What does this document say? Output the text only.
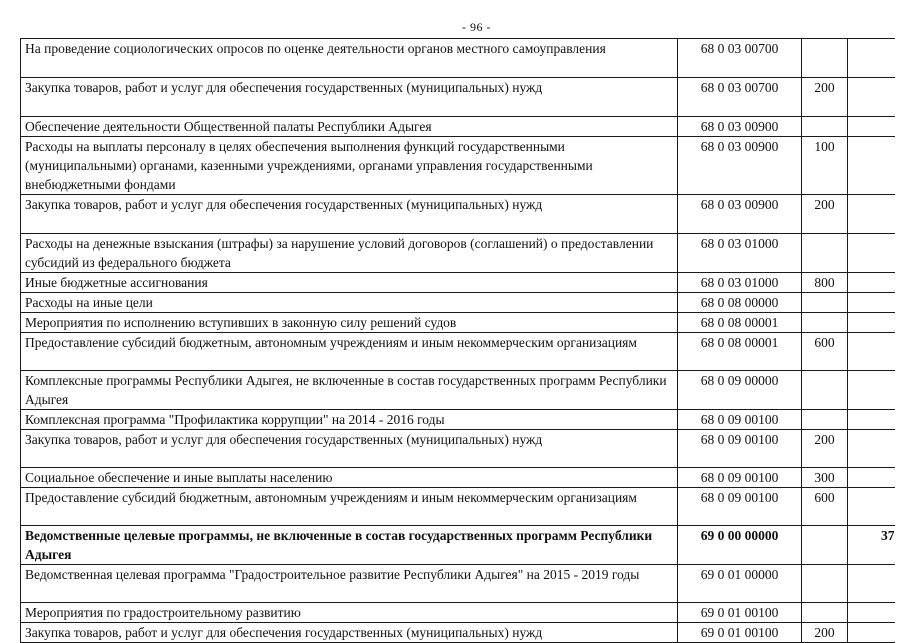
- 96 -
На проведение социологических опросов по оценке деятельности органов местного самоуправления	68 0 03 00700		
Закупка товаров, работ и услуг для обеспечения государственных (муниципальных) нужд	68 0 03 00700	200	
Обеспечение деятельности Общественной палаты Республики Адыгея	68 0 03 00900		
Расходы на выплаты персоналу в целях обеспечения выполнения функций государственными (муниципальными) органами, казенными учреждениями, органами управления государственными внебюджетными фондами	68 0 03 00900	100	
Закупка товаров, работ и услуг для обеспечения государственных (муниципальных) нужд	68 0 03 00900	200	
Расходы на денежные взыскания (штрафы) за нарушение условий договоров (соглашений) о предоставлении субсидий из федерального бюджета	68 0 03 01000		
Иные бюджетные ассигнования	68 0 03 01000	800	
Расходы на иные цели	68 0 08 00000		
Мероприятия по исполнению вступивших в законную силу решений судов	68 0 08 00001		
Предоставление субсидий бюджетным, автономным учреждениям и иным некоммерческим организациям	68 0 08 00001	600	
Комплексные программы Республики Адыгея, не включенные в состав государственных программ Республики Адыгея	68 0 09 00000		
Комплексная программа "Профилактика коррупции" на 2014 - 2016 годы	68 0 09 00100		
Закупка товаров, работ и услуг для обеспечения государственных (муниципальных) нужд	68 0 09 00100	200	
Социальное обеспечение и иные выплаты населению	68 0 09 00100	300	
Предоставление субсидий бюджетным, автономным учреждениям и иным некоммерческим организациям	68 0 09 00100	600	
Ведомственные целевые программы, не включенные в состав государственных программ Республики Адыгея	69 0 00 00000		37
Ведомственная целевая программа "Градостроительное развитие Республики Адыгея" на 2015 - 2019 годы	69 0 01 00000		
Мероприятия по градостроительному развитию	69 0 01 00100		
Закупка товаров, работ и услуг для обеспечения государственных (муниципальных) нужд	69 0 01 00100	200	
